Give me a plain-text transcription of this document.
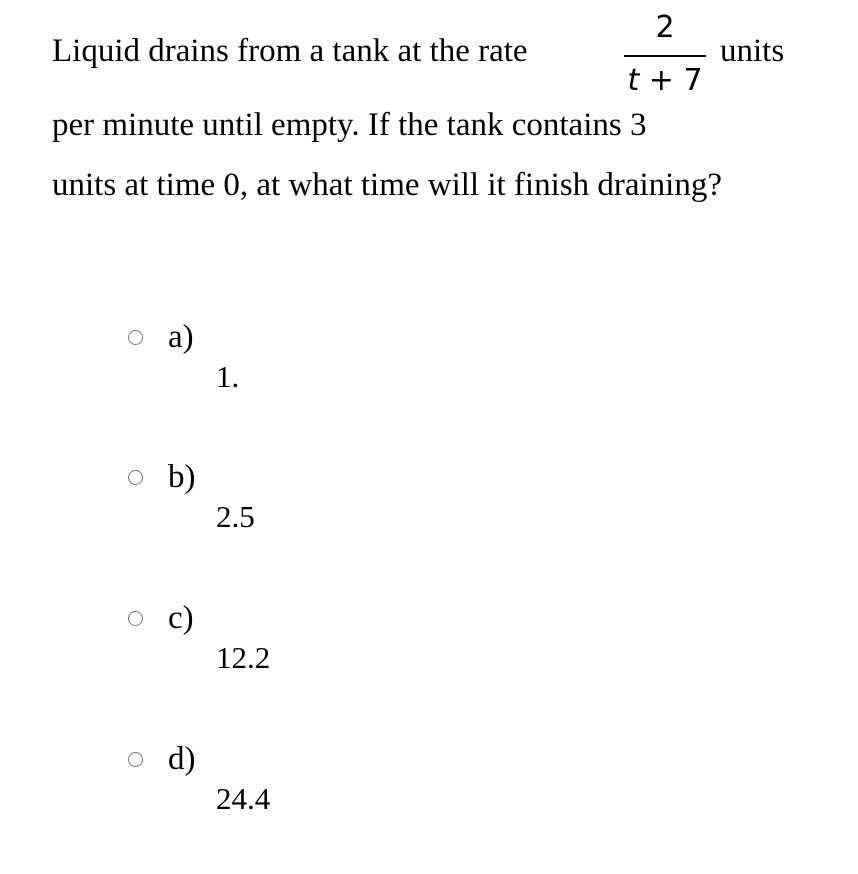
Liquid drains from a tank at the rate
2
t + 7
units
per minute until empty. If the tank contains 3
units at time 0, at what time will it finish draining?
a)
1.
b)
2.5
c)
12.2
d)
24.4
